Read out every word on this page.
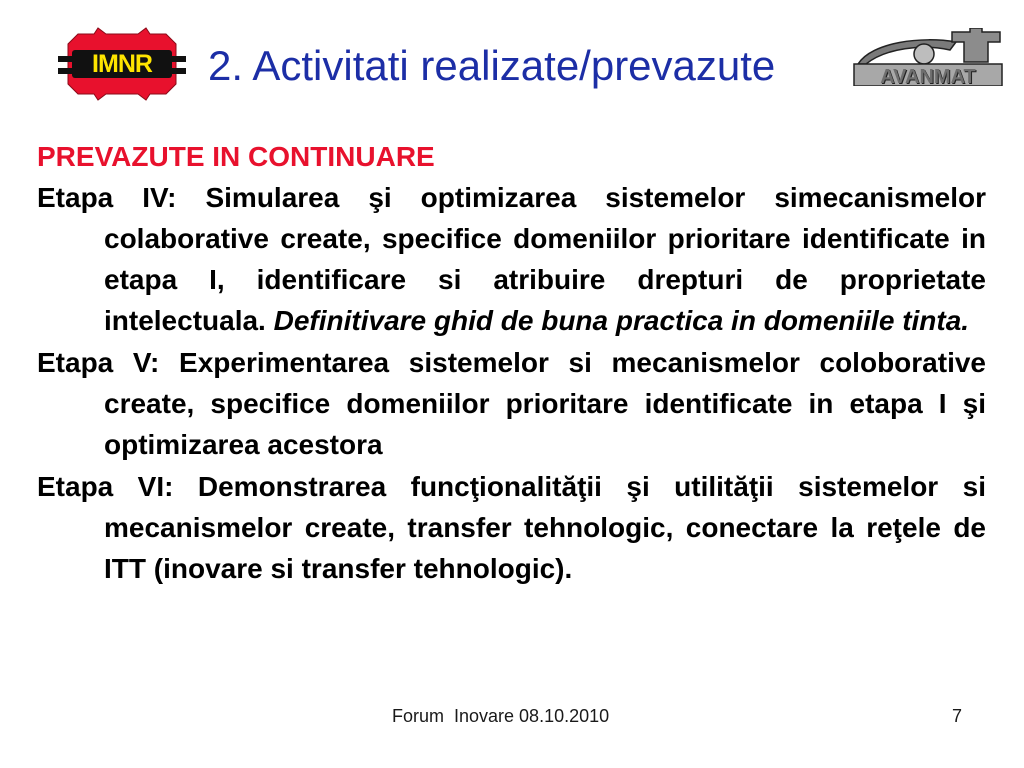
IMNR	2. Activitati realizate/prevazute	AVANMAT
PREVAZUTE IN CONTINUARE

Etapa IV: Simularea şi optimizarea sistemelor simecanismelor colaborative create, specifice domeniilor prioritare identificate in etapa I, identificare si atribuire drepturi de proprietate intelectuala. Definitivare ghid de buna practica in domeniile tinta.

Etapa V: Experimentarea sistemelor si mecanismelor coloborative create, specifice domeniilor prioritare identificate in etapa I şi optimizarea acestora

Etapa VI: Demonstrarea funcţionalităţii şi utilităţii sistemelor si mecanismelor create, transfer tehnologic, conectare la reţele de ITT (inovare si transfer tehnologic).

Forum  Inovare 08.10.2010	7
